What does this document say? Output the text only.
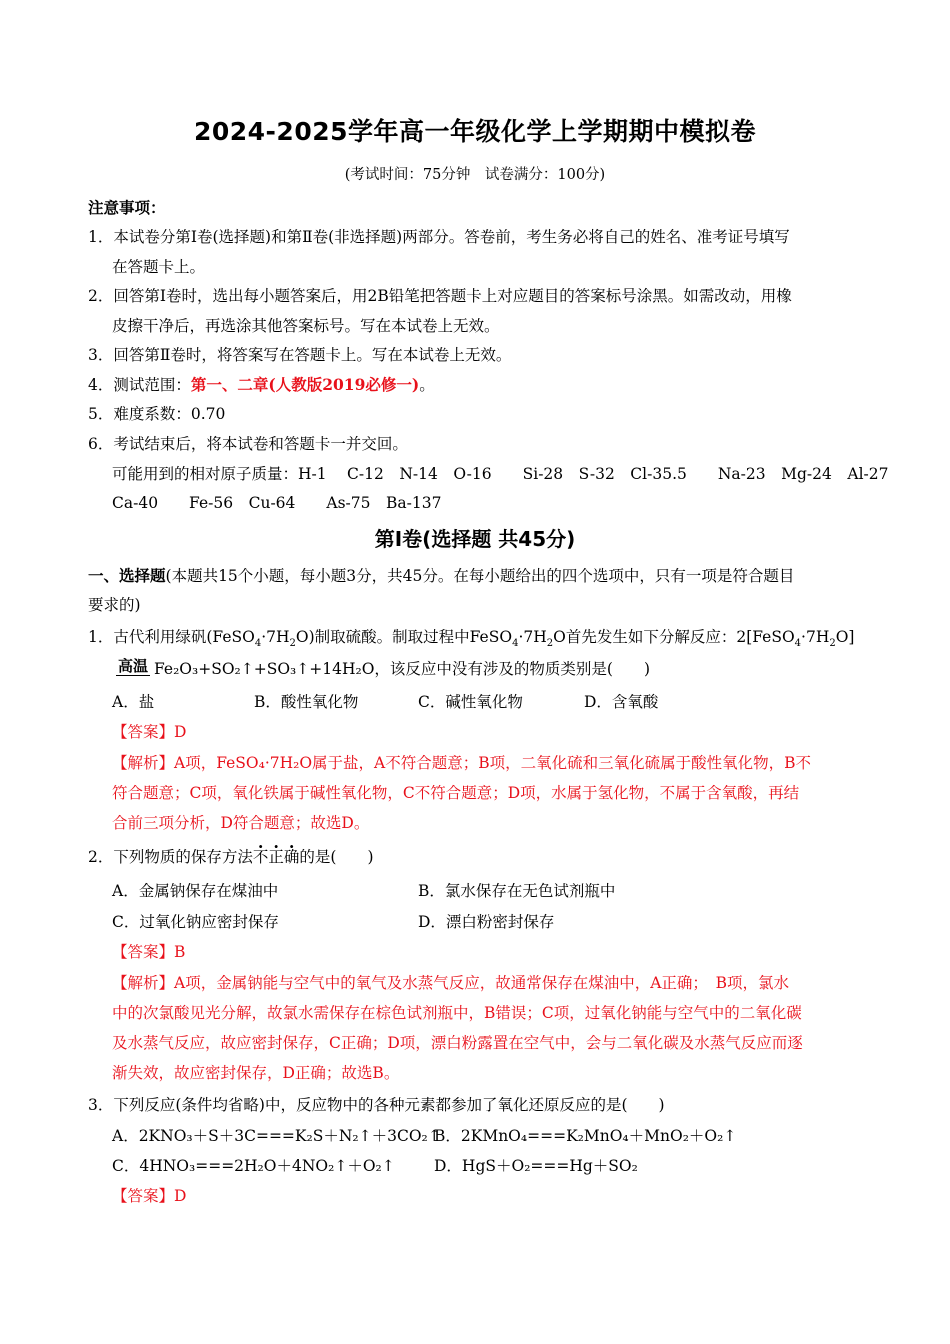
2024-2025学年高一年级化学上学期期中模拟卷
(考试时间：75分钟　试卷满分：100分)
注意事项：
1．本试卷分第Ⅰ卷(选择题)和第Ⅱ卷(非选择题)两部分。答卷前，考生务必将自己的姓名、准考证号填写
在答题卡上。
2．回答第Ⅰ卷时，选出每小题答案后，用2B铅笔把答题卡上对应题目的答案标号涂黑。如需改动，用橡
皮擦干净后，再选涂其他答案标号。写在本试卷上无效。
3．回答第Ⅱ卷时，将答案写在答题卡上。写在本试卷上无效。
4．测试范围：第一、二章(人教版2019必修一)。
5．难度系数：0.70
6．考试结束后，将本试卷和答题卡一并交回。
可能用到的相对原子质量：H-1　 C-12　N-14　O-16　　Si-28　S-32　Cl-35.5　　Na-23　Mg-24　Al-27
Ca-40　　Fe-56　Cu-64　　As-75　Ba-137
第Ⅰ卷(选择题 共45分)
一、选择题(本题共15个小题，每小题3分，共45分。在每小题给出的四个选项中，只有一项是符合题目
要求的)
1．古代利用绿矾$(FeSO_4\cdot 7H_2O)$制取硫酸。制取过程中$FeSO_4\cdot 7H_2O$首先发生如下分解反应：$2[FeSO_4\cdot 7H_2O]$
高温 Fe₂O₃+SO₂↑+SO₃↑+14H₂O，该反应中没有涉及的物质类别是(　　)
A．盐	B．酸性氧化物	C．碱性氧化物	D．含氧酸
【答案】D
【解析】A项，FeSO₄·7H₂O属于盐，A不符合题意；B项，二氧化硫和三氧化硫属于酸性氧化物，B不
符合题意；C项，氧化铁属于碱性氧化物，C不符合题意；D项，水属于氢化物，不属于含氧酸，再结
合前三项分析，D符合题意；故选D。
2．下列物质的保存方法不正确的是(　　)
A．金属钠保存在煤油中	B．氯水保存在无色试剂瓶中
C．过氧化钠应密封保存	D．漂白粉密封保存
【答案】B
【解析】A项，金属钠能与空气中的氧气及水蒸气反应，故通常保存在煤油中，A正确；　B项，氯水
中的次氯酸见光分解，故氯水需保存在棕色试剂瓶中，B错误；C项，过氧化钠能与空气中的二氧化碳
及水蒸气反应，故应密封保存，C正确；D项，漂白粉露置在空气中，会与二氧化碳及水蒸气反应而逐
渐失效，故应密封保存，D正确；故选B。
3．下列反应(条件均省略)中，反应物中的各种元素都参加了氧化还原反应的是(　　)
A．2KNO₃＋S＋3C===K₂S＋N₂↑＋3CO₂↑
B．2KMnO₄===K₂MnO₄＋MnO₂＋O₂↑
C．4HNO₃===2H₂O＋4NO₂↑＋O₂↑	D．HgS＋O₂===Hg＋SO₂
【答案】D
